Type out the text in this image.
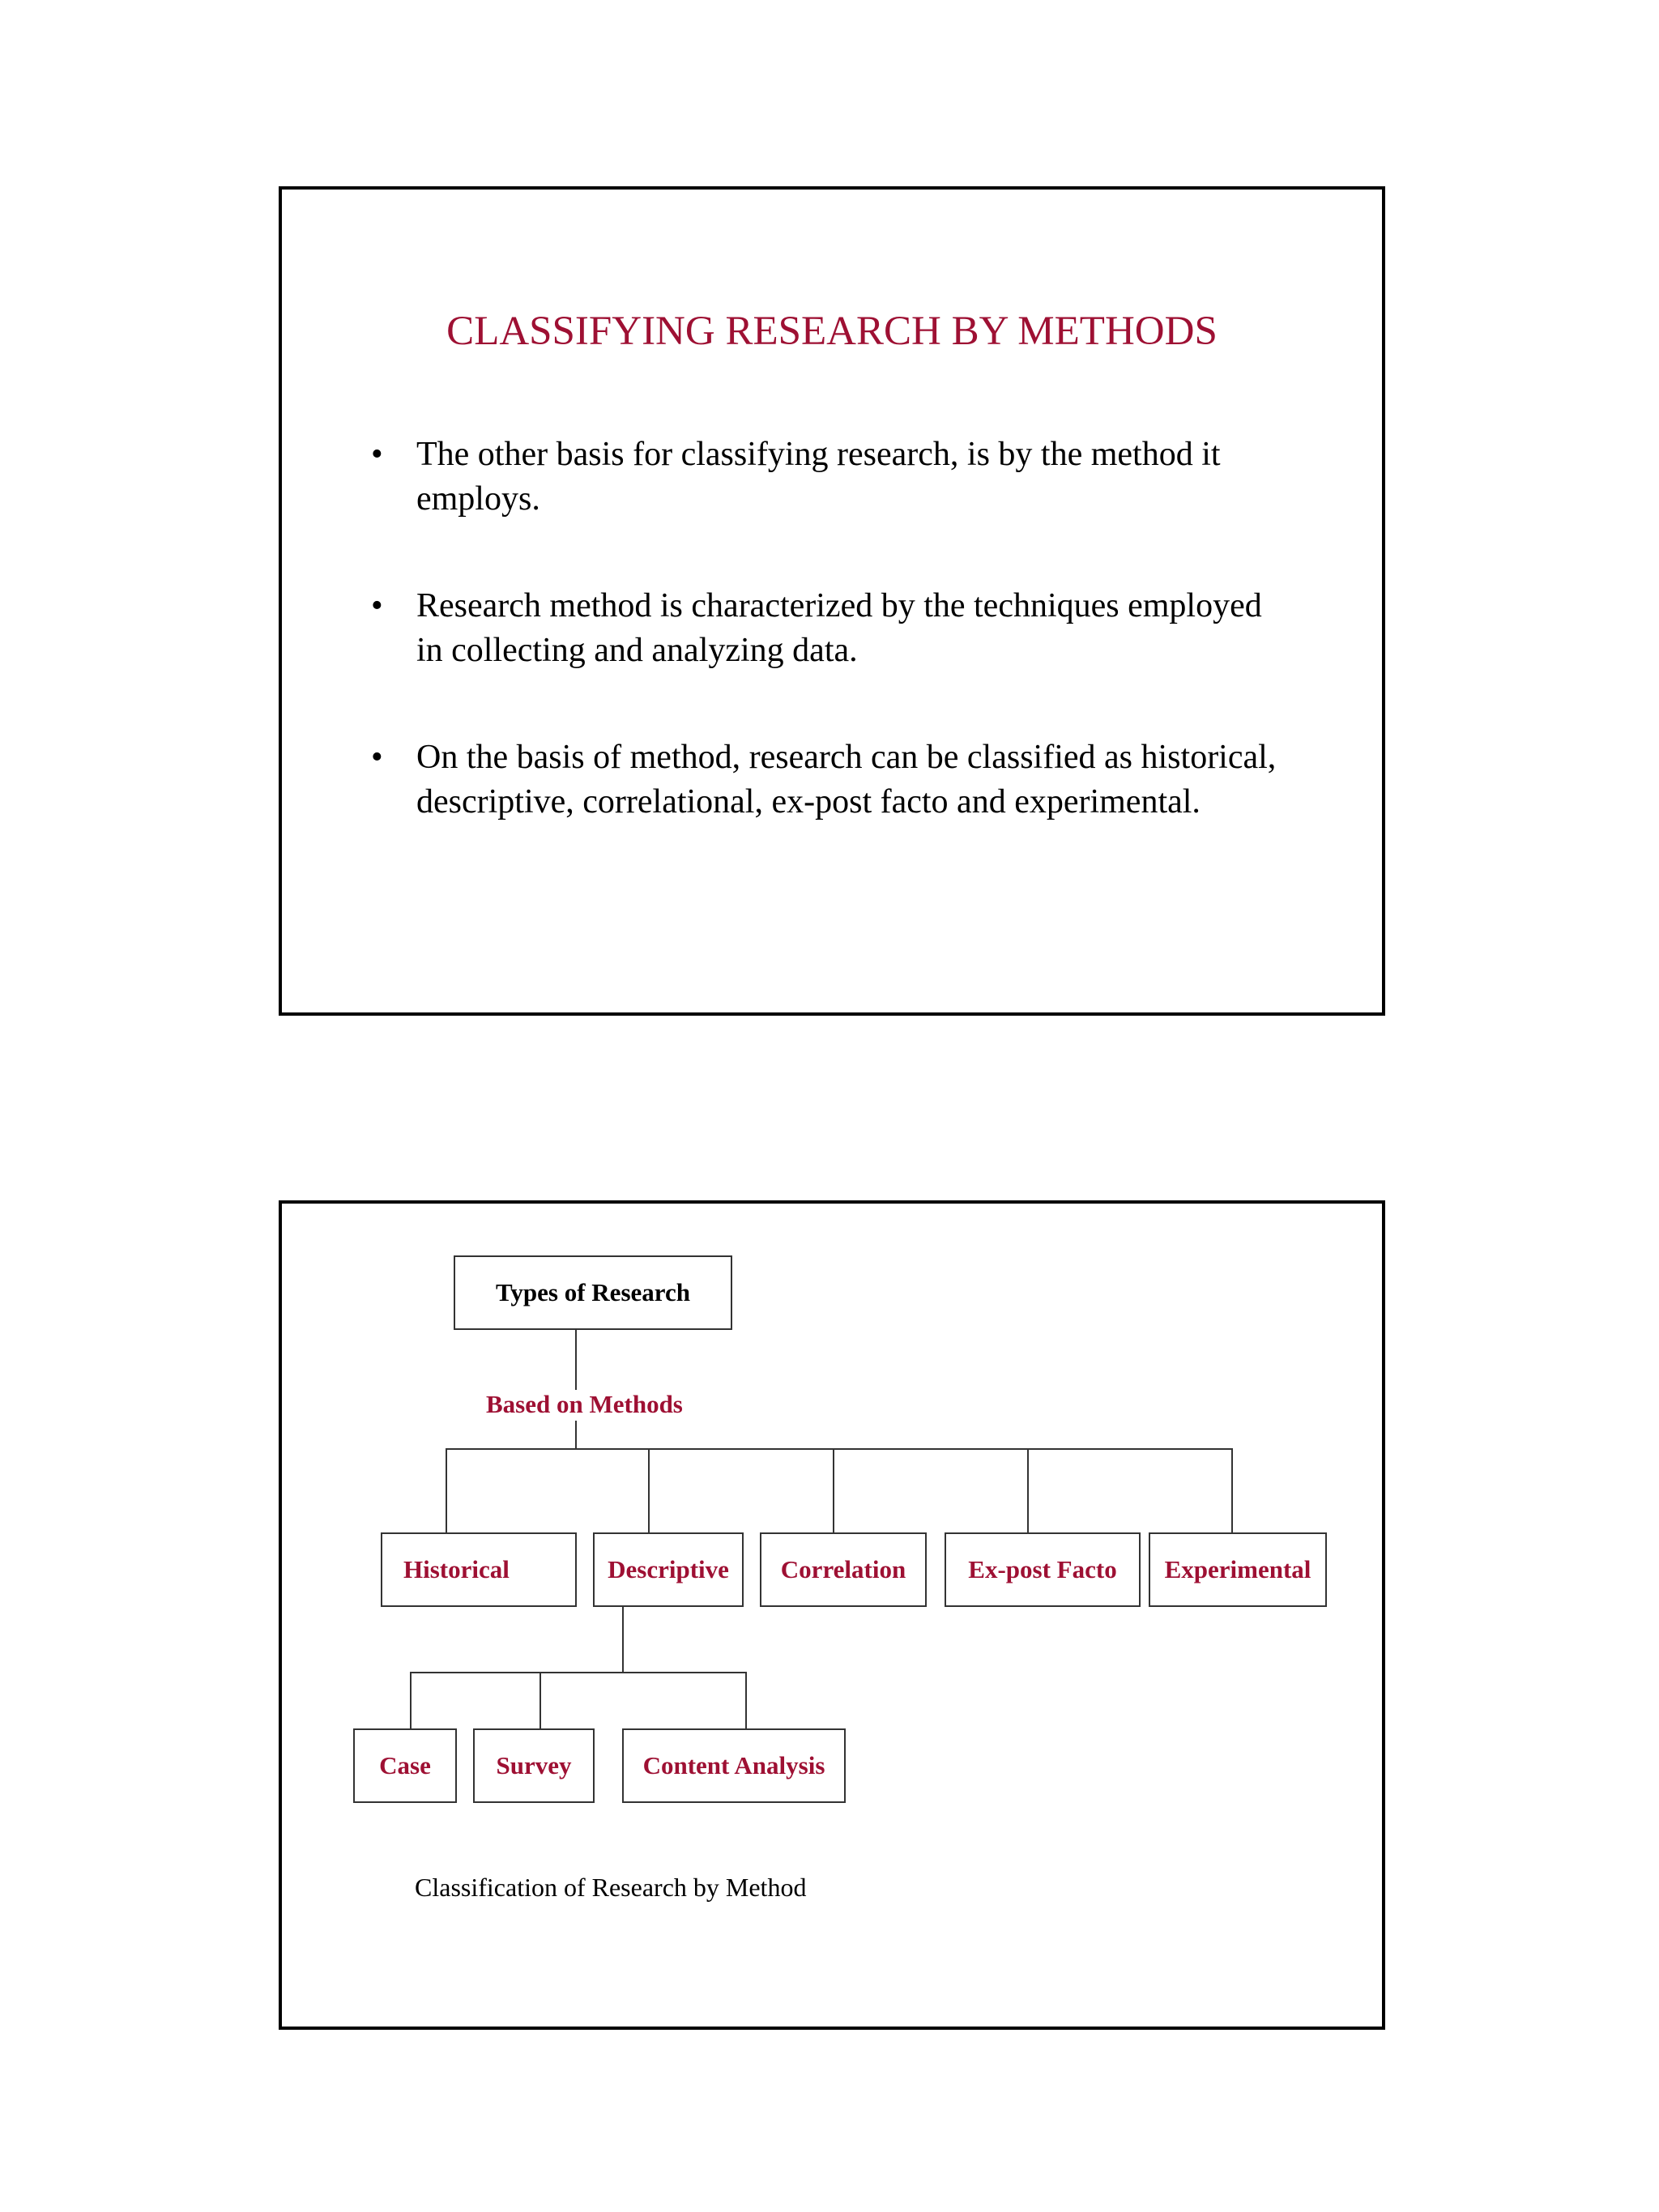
CLASSIFYING RESEARCH BY METHODS
• The other basis for classifying research, is by the method it employs.
• Research method is characterized by the techniques employed in collecting and analyzing data.
• On the basis of method, research can be classified as historical, descriptive, correlational, ex-post facto and experimental.
Types of Research
Based on Methods
Historical	Descriptive	Correlation	Ex-post Facto	Experimental
Case	Survey	Content Analysis
Classification of Research by Method
